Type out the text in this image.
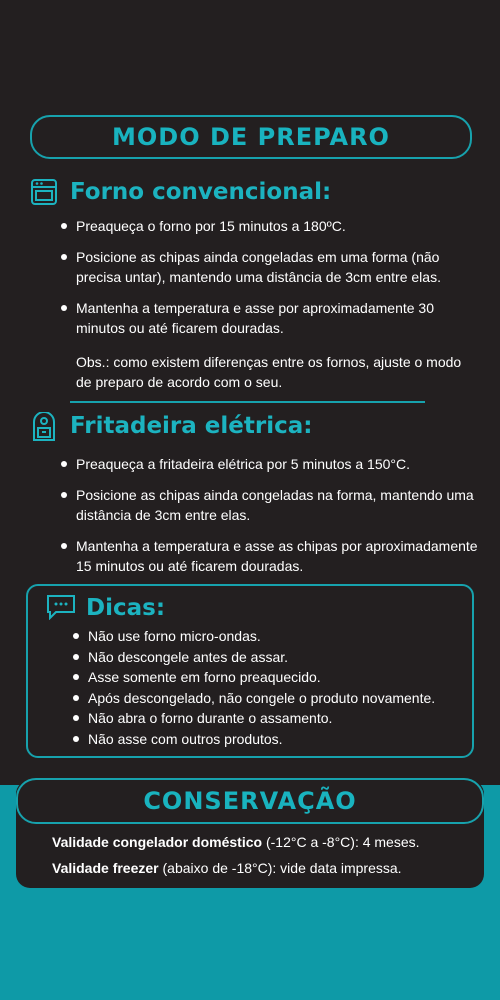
MODO DE PREPARO
Forno convencional:
Preaqueça o forno por 15 minutos a 180ºC.
Posicione as chipas ainda congeladas em uma forma (não precisa untar), mantendo uma distância de 3cm entre elas.
Mantenha a temperatura e asse por aproximadamente 30 minutos ou até ficarem douradas.
Obs.: como existem diferenças entre os fornos, ajuste o modo de preparo de acordo com o seu.
Fritadeira elétrica:
Preaqueça a fritadeira elétrica por 5 minutos a 150°C.
Posicione as chipas ainda congeladas na forma, mantendo uma distância de 3cm entre elas.
Mantenha a temperatura e asse as chipas por aproximadamente 15 minutos ou até ficarem douradas.
Dicas:
Não use forno micro-ondas.
Não descongele antes de assar.
Asse somente em forno preaquecido.
Após descongelado, não congele o produto novamente.
Não abra o forno durante o assamento.
Não asse com outros produtos.
CONSERVAÇÃO
Validade congelador doméstico (-12°C a -8°C): 4 meses.
Validade freezer (abaixo de -18°C): vide data impressa.
